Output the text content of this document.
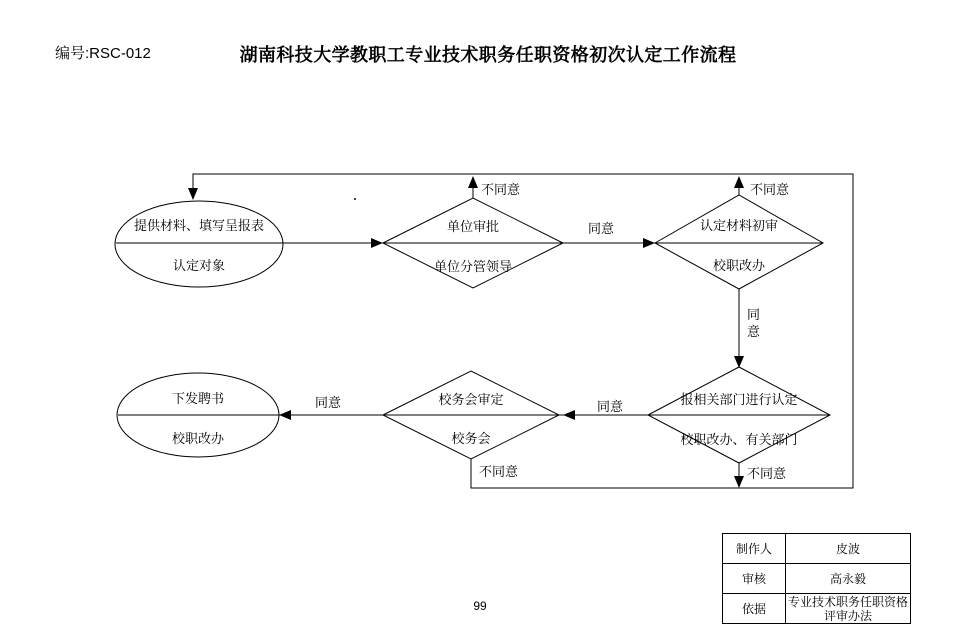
编号:RSC-012	湖南科技大学教职工专业技术职务任职资格初次认定工作流程
提供材料、填写呈报表
认定对象
单位审批
单位分管领导
认定材料初审
校职改办
校务会审定
校务会
报相关部门进行认定
校职改办、有关部门
下发聘书
校职改办
不同意	不同意
同意
同意
同意
同意
不同意	不同意
制作人	皮波
审核	高永毅
依据	专业技术职务任职资格评审办法
99
